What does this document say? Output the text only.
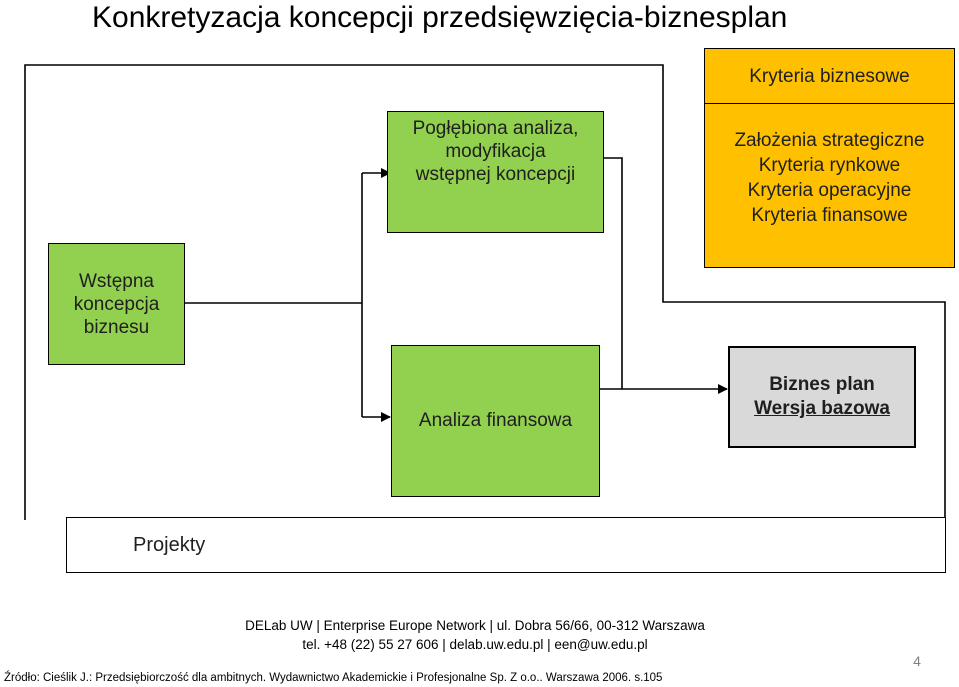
Konkretyzacja koncepcji przedsięwzięcia-biznesplan
Wstępna
koncepcja
biznesu
Pogłębiona analiza,
modyfikacja
wstępnej koncepcji
Kryteria biznesowe
Założenia strategiczne
Kryteria rynkowe
Kryteria operacyjne
Kryteria finansowe
Analiza finansowa
Biznes plan
Wersja bazowa
Projekty
DELab UW | Enterprise Europe Network | ul. Dobra 56/66, 00-312 Warszawa
tel. +48 (22) 55 27 606 | delab.uw.edu.pl | een@uw.edu.pl
Źródło: Cieślik J.: Przedsiębiorczość dla ambitnych. Wydawnictwo Akademickie i Profesjonalne Sp. Z o.o.. Warszawa 2006. s.105
4
